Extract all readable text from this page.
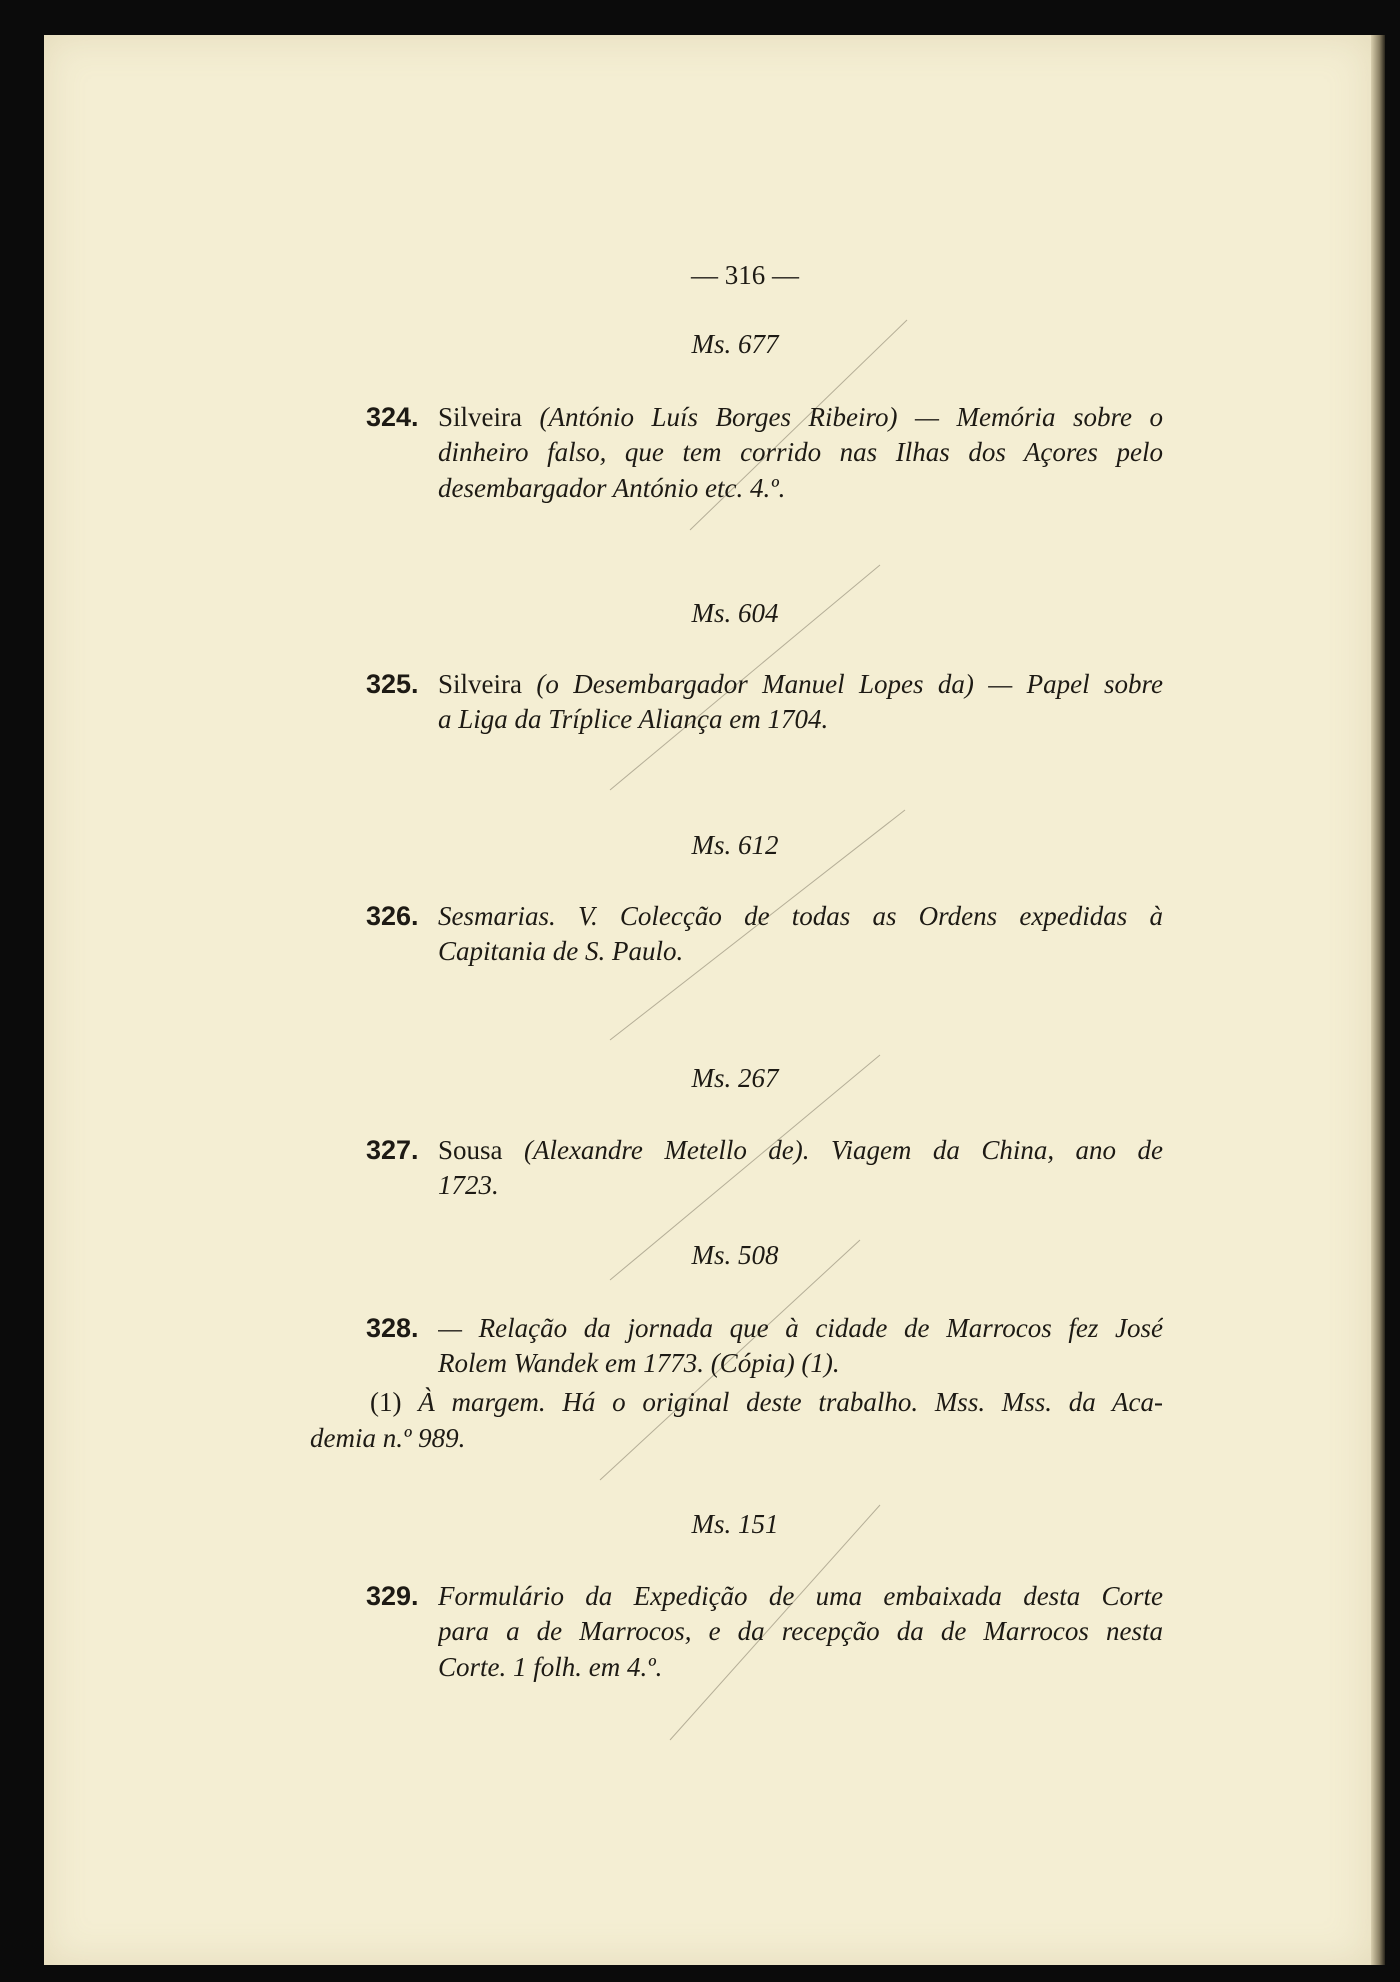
— 316 —
Ms. 677
324. Silveira (António Luís Borges Ribeiro) — Memória sobre o
dinheiro falso, que tem corrido nas Ilhas dos Açores pelo
desembargador António etc. 4.º.
Ms. 604
325. Silveira (o Desembargador Manuel Lopes da) — Papel sobre
a Liga da Tríplice Aliança em 1704.
Ms. 612
326. Sesmarias. V. Colecção de todas as Ordens expedidas à
Capitania de S. Paulo.
Ms. 267
327. Sousa (Alexandre Metello de). Viagem da China, ano de
1723.
Ms. 508
328. — Relação da jornada que à cidade de Marrocos fez José
Rolem Wandek em 1773. (Cópia) (1).
(1) À margem. Há o original deste trabalho. Mss. Mss. da Aca-
demia n.º 989.
Ms. 151
329. Formulário da Expedição de uma embaixada desta Corte
para a de Marrocos, e da recepção da de Marrocos nesta
Corte. 1 folh. em 4.º.
